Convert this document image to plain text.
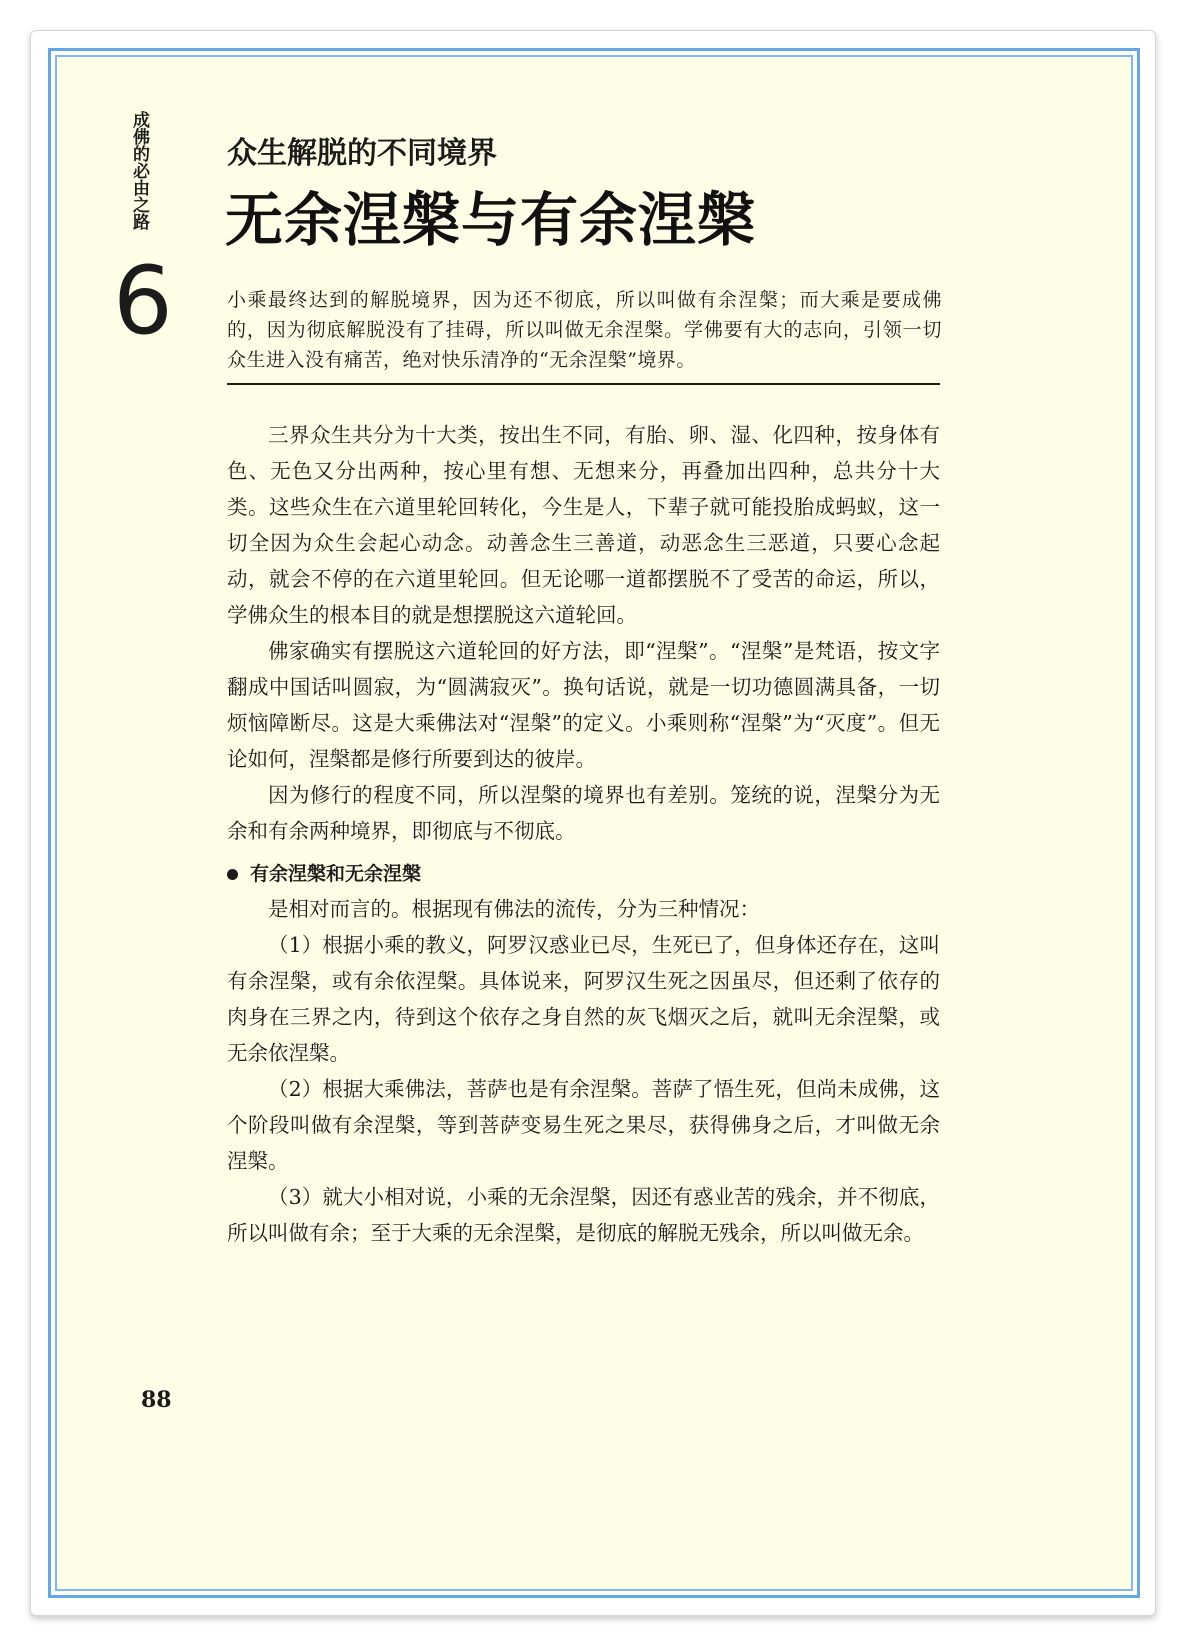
成佛的必由之路
6
众生解脱的不同境界
无余涅槃与有余涅槃
小乘最终达到的解脱境界，因为还不彻底，所以叫做有余涅槃；而大乘是要成佛的，因为彻底解脱没有了挂碍，所以叫做无余涅槃。学佛要有大的志向，引领一切众生进入没有痛苦，绝对快乐清净的“无余涅槃”境界。

三界众生共分为十大类，按出生不同，有胎、卵、湿、化四种，按身体有色、无色又分出两种，按心里有想、无想来分，再叠加出四种，总共分十大类。这些众生在六道里轮回转化，今生是人，下辈子就可能投胎成蚂蚁，这一切全因为众生会起心动念。动善念生三善道，动恶念生三恶道，只要心念起动，就会不停的在六道里轮回。但无论哪一道都摆脱不了受苦的命运，所以，学佛众生的根本目的就是想摆脱这六道轮回。

佛家确实有摆脱这六道轮回的好方法，即“涅槃”。“涅槃”是梵语，按文字翻成中国话叫圆寂，为“圆满寂灭”。换句话说，就是一切功德圆满具备，一切烦恼障断尽。这是大乘佛法对“涅槃”的定义。小乘则称“涅槃”为“灭度”。但无论如何，涅槃都是修行所要到达的彼岸。

因为修行的程度不同，所以涅槃的境界也有差别。笼统的说，涅槃分为无余和有余两种境界，即彻底与不彻底。

有余涅槃和无余涅槃

是相对而言的。根据现有佛法的流传，分为三种情况：

（1）根据小乘的教义，阿罗汉惑业已尽，生死已了，但身体还存在，这叫有余涅槃，或有余依涅槃。具体说来，阿罗汉生死之因虽尽，但还剩了依存的肉身在三界之内，待到这个依存之身自然的灰飞烟灭之后，就叫无余涅槃，或无余依涅槃。

（2）根据大乘佛法，菩萨也是有余涅槃。菩萨了悟生死，但尚未成佛，这个阶段叫做有余涅槃，等到菩萨变易生死之果尽，获得佛身之后，才叫做无余涅槃。

（3）就大小相对说，小乘的无余涅槃，因还有惑业苦的残余，并不彻底，所以叫做有余；至于大乘的无余涅槃，是彻底的解脱无残余，所以叫做无余。

88
